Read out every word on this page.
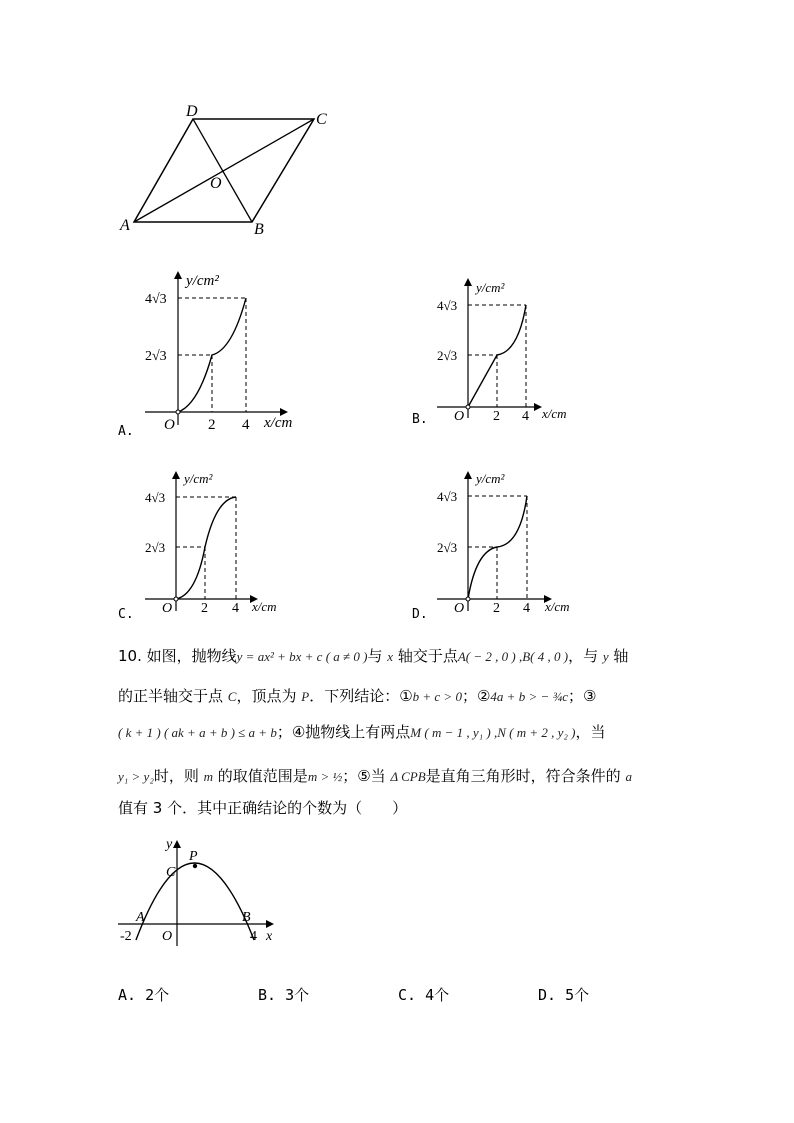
A	B
C
D
O
y/cm²
x/cm
O 2 4
4√3
2√3
A.
y/cm²
x/cm
O 2 4
4√3
2√3
B.
y/cm²
x/cm
O 2 4
4√3
2√3
C.
y/cm²
x/cm
O 2 4
4√3
2√3
D.
10. 如图，抛物线y = ax² + bx + c ( a ≠ 0 )与 x 轴交于点A( − 2 , 0 ) ,B( 4 , 0 )，与 y 轴
的正半轴交于点 C，顶点为 P．下列结论：①b + c > 0；②4a + b > − ¾c；③
( k + 1 ) ( ak + a + b ) ≤ a + b；④抛物线上有两点M ( m − 1 , y₁ ) ,N ( m + 2 , y₂ )，当
y₁ > y₂时，则 m 的取值范围是m > ½；⑤当 Δ CPB是直角三角形时，符合条件的 a
值有 3 个．其中正确结论的个数为（　　）
y
C
P
A	B
O
-2	4 x
A. 2个	B. 3个	C. 4个	D. 5个
